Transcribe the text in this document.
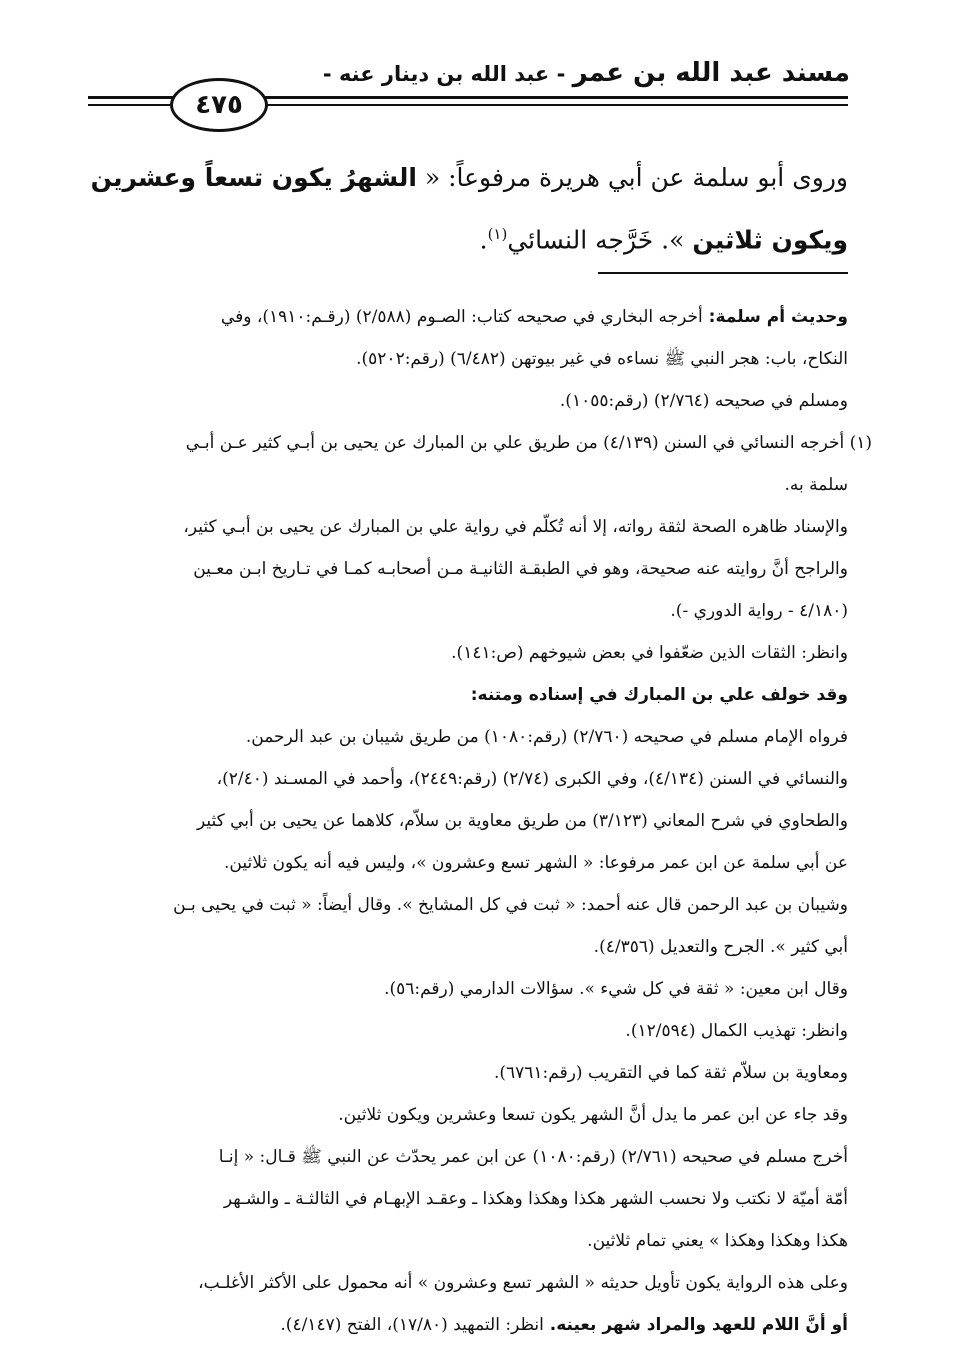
مسند عبد الله بن عمر - عبد الله بن دينار عنه -
٤٧٥
وروى أبو سلمة عن أبي هريرة مرفوعاً: « الشهرُ يكون تسعاً وعشرين
ويكون ثلاثين ». خَرَّجه النسائي$^{(١)}$.
وحديث أم سلمة: أخرجه البخاري في صحيحه كتاب: الصـوم (٢/٥٨٨) (رقـم:١٩١٠)، وفي
النكاح، باب: هجر النبي ﷺ نساءه في غير بيوتهن (٦/٤٨٢) (رقم:٥٢٠٢).
ومسلم في صحيحه (٢/٧٦٤) (رقم:١٠٥٥).
(١) أخرجه النسائي في السنن (٤/١٣٩) من طريق علي بن المبارك عن يحيى بن أبـي كثير عـن أبـي
سلمة به.
والإسناد ظاهره الصحة لثقة رواته، إلا أنه تُكلّم في رواية علي بن المبارك عن يحيى بن أبـي كثير،
والراجح أنَّ روايته عنه صحيحة، وهو في الطبقـة الثانيـة مـن أصحابـه كمـا في تـاريخ ابـن معـين
(٤/١٨٠ - رواية الدوري -).
وانظر: الثقات الذين ضعّفوا في بعض شيوخهم (ص:١٤١).
وقد خولف علي بن المبارك في إسناده ومتنه:
فرواه الإمام مسلم في صحيحه (٢/٧٦٠) (رقم:١٠٨٠) من طريق شيبان بن عبد الرحمن.
والنسائي في السنن (٤/١٣٤)، وفي الكبرى (٢/٧٤) (رقم:٢٤٤٩)، وأحمد في المسـند (٢/٤٠)،
والطحاوي في شرح المعاني (٣/١٢٣) من طريق معاوية بن سلاّم، كلاهما عن يحيى بن أبي كثير
عن أبي سلمة عن ابن عمر مرفوعا: « الشهر تسع وعشرون »، وليس فيه أنه يكون ثلاثين.
وشيبان بن عبد الرحمن قال عنه أحمد: « ثبت في كل المشايخ ». وقال أيضاً: « ثبت في يحيى بـن
أبي كثير ». الجرح والتعديل (٤/٣٥٦).
وقال ابن معين: « ثقة في كل شيء ». سؤالات الدارمي (رقم:٥٦).
وانظر: تهذيب الكمال (١٢/٥٩٤).
ومعاوية بن سلاّم ثقة كما في التقريب (رقم:٦٧٦١).
وقد جاء عن ابن عمر ما يدل أنَّ الشهر يكون تسعا وعشرين ويكون ثلاثين.
أخرج مسلم في صحيحه (٢/٧٦١) (رقم:١٠٨٠) عن ابن عمر يحدّث عن النبي ﷺ قـال: « إنـا
أمّة أميّة لا نكتب ولا نحسب الشهر هكذا وهكذا وهكذا ـ وعقـد الإبهـام في الثالثـة ـ والشـهر
هكذا وهكذا وهكذا » يعني تمام ثلاثين.
وعلى هذه الرواية يكون تأويل حديثه « الشهر تسع وعشرون » أنه محمول على الأكثر الأغلـب،
أو أنَّ اللام للعهد والمراد شهر بعينه. انظر: التمهيد (١٧/٨٠)، الفتح (٤/١٤٧).
